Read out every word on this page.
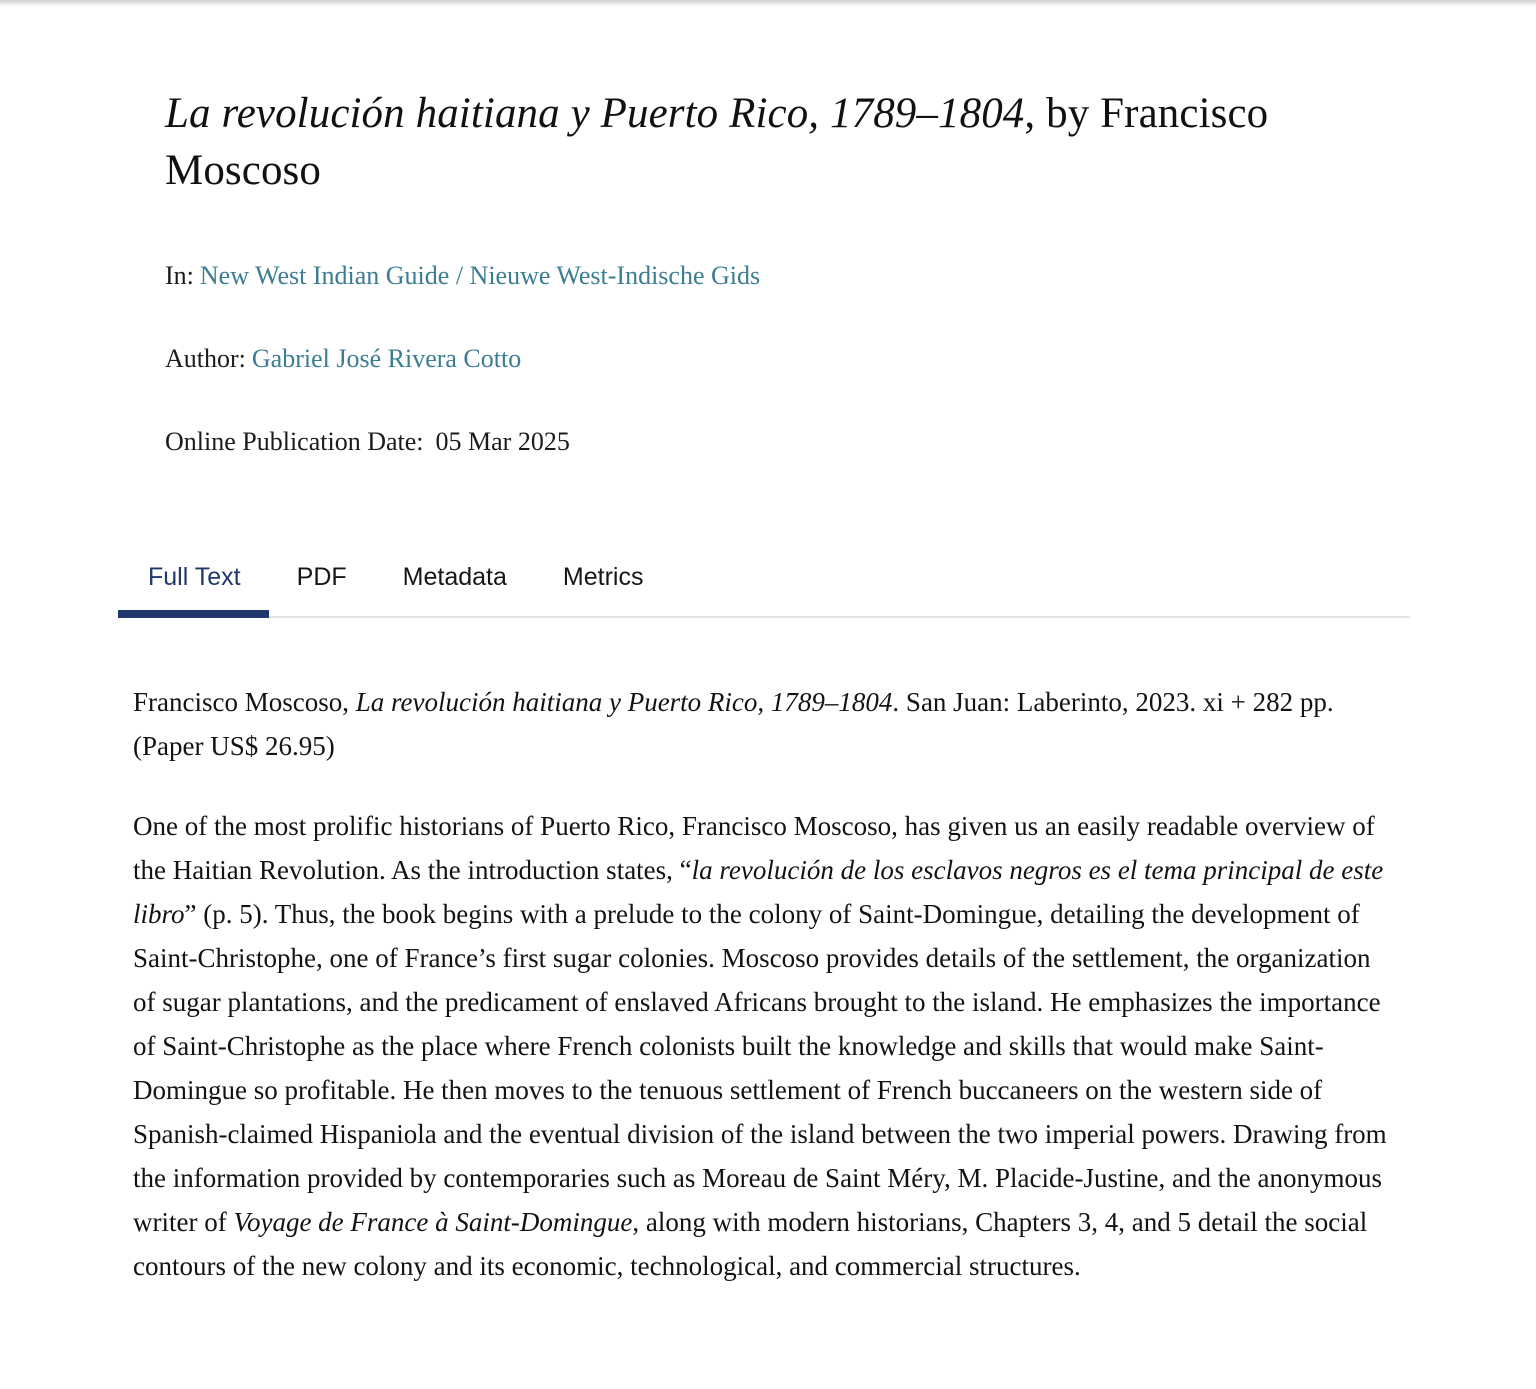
La revolución haitiana y Puerto Rico, 1789–1804, by Francisco Moscoso
In: New West Indian Guide / Nieuwe West-Indische Gids
Author: Gabriel José Rivera Cotto
Online Publication Date: 05 Mar 2025
Full Text	PDF	Metadata	Metrics

Francisco Moscoso, La revolución haitiana y Puerto Rico, 1789–1804. San Juan: Laberinto, 2023. xi + 282 pp. (Paper US$ 26.95)

One of the most prolific historians of Puerto Rico, Francisco Moscoso, has given us an easily readable overview of the Haitian Revolution. As the introduction states, “la revolución de los esclavos negros es el tema principal de este libro” (p. 5). Thus, the book begins with a prelude to the colony of Saint-Domingue, detailing the development of Saint-Christophe, one of France’s first sugar colonies. Moscoso provides details of the settlement, the organization of sugar plantations, and the predicament of enslaved Africans brought to the island. He emphasizes the importance of Saint-Christophe as the place where French colonists built the knowledge and skills that would make Saint-Domingue so profitable. He then moves to the tenuous settlement of French buccaneers on the western side of Spanish-claimed Hispaniola and the eventual division of the island between the two imperial powers. Drawing from the information provided by contemporaries such as Moreau de Saint Méry, M. Placide-Justine, and the anonymous writer of Voyage de France à Saint-Domingue, along with modern historians, Chapters 3, 4, and 5 detail the social contours of the new colony and its economic, technological, and commercial structures.
